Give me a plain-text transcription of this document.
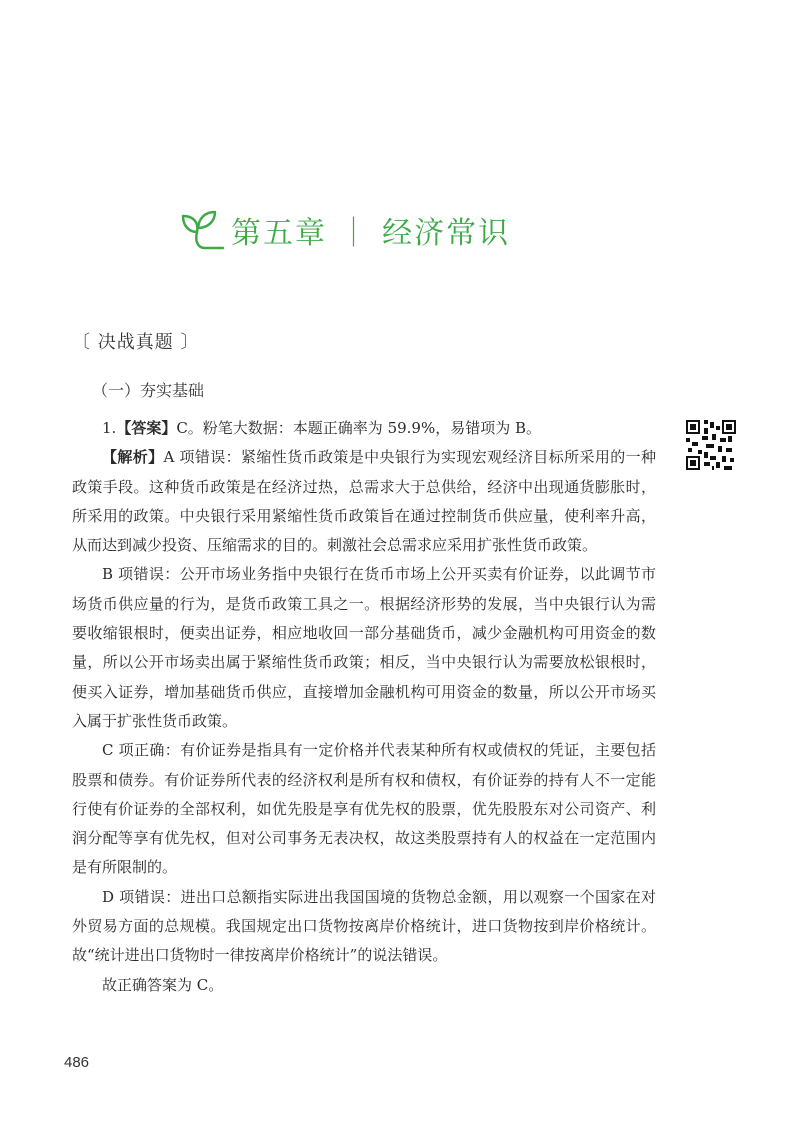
第五章 ｜ 经济常识
〔 决战真题 〕
（一）夯实基础

1.【答案】C。粉笔大数据：本题正确率为 59.9%，易错项为 B。

【解析】A 项错误：紧缩性货币政策是中央银行为实现宏观经济目标所采用的一种政策手段。这种货币政策是在经济过热，总需求大于总供给，经济中出现通货膨胀时，所采用的政策。中央银行采用紧缩性货币政策旨在通过控制货币供应量，使利率升高，从而达到减少投资、压缩需求的目的。刺激社会总需求应采用扩张性货币政策。

B 项错误：公开市场业务指中央银行在货币市场上公开买卖有价证券，以此调节市场货币供应量的行为，是货币政策工具之一。根据经济形势的发展，当中央银行认为需要收缩银根时，便卖出证券，相应地收回一部分基础货币，减少金融机构可用资金的数量，所以公开市场卖出属于紧缩性货币政策；相反，当中央银行认为需要放松银根时，便买入证券，增加基础货币供应，直接增加金融机构可用资金的数量，所以公开市场买入属于扩张性货币政策。

C 项正确：有价证券是指具有一定价格并代表某种所有权或债权的凭证，主要包括股票和债券。有价证券所代表的经济权利是所有权和债权，有价证券的持有人不一定能行使有价证券的全部权利，如优先股是享有优先权的股票，优先股股东对公司资产、利润分配等享有优先权，但对公司事务无表决权，故这类股票持有人的权益在一定范围内是有所限制的。

D 项错误：进出口总额指实际进出我国国境的货物总金额，用以观察一个国家在对外贸易方面的总规模。我国规定出口货物按离岸价格统计，进口货物按到岸价格统计。故“统计进出口货物时一律按离岸价格统计”的说法错误。

故正确答案为 C。

486
